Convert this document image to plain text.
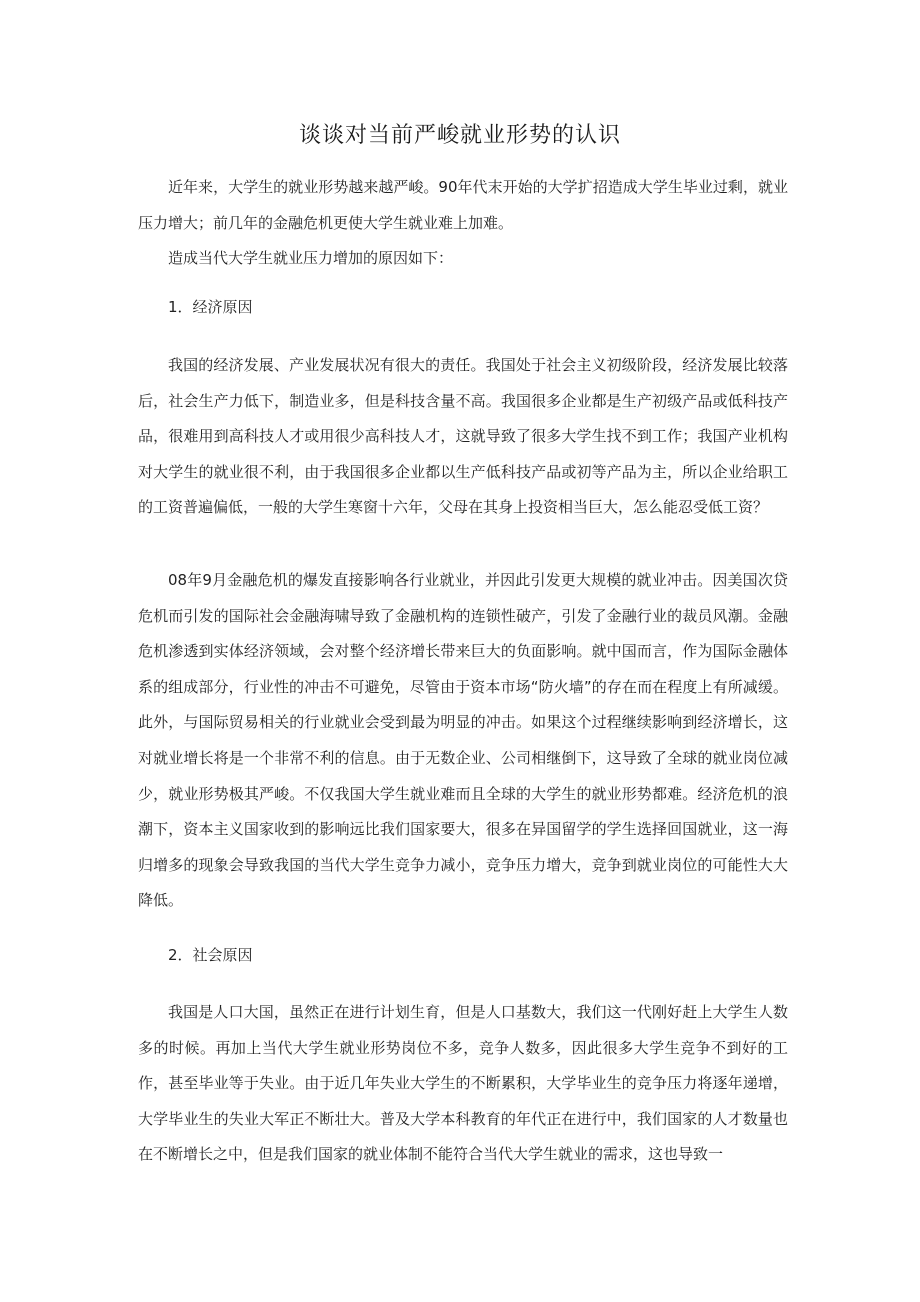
谈谈对当前严峻就业形势的认识

近年来，大学生的就业形势越来越严峻。90年代末开始的大学扩招造成大学生毕业过剩，就业压力增大；前几年的金融危机更使大学生就业难上加难。

造成当代大学生就业压力增加的原因如下：

1．经济原因

我国的经济发展、产业发展状况有很大的责任。我国处于社会主义初级阶段，经济发展比较落后，社会生产力低下，制造业多，但是科技含量不高。我国很多企业都是生产初级产品或低科技产品，很难用到高科技人才或用很少高科技人才，这就导致了很多大学生找不到工作；我国产业机构对大学生的就业很不利，由于我国很多企业都以生产低科技产品或初等产品为主，所以企业给职工的工资普遍偏低，一般的大学生寒窗十六年，父母在其身上投资相当巨大，怎么能忍受低工资？

08年9月金融危机的爆发直接影响各行业就业，并因此引发更大规模的就业冲击。因美国次贷危机而引发的国际社会金融海啸导致了金融机构的连锁性破产，引发了金融行业的裁员风潮。金融危机渗透到实体经济领域，会对整个经济增长带来巨大的负面影响。就中国而言，作为国际金融体系的组成部分，行业性的冲击不可避免，尽管由于资本市场“防火墙”的存在而在程度上有所减缓。此外，与国际贸易相关的行业就业会受到最为明显的冲击。如果这个过程继续影响到经济增长，这对就业增长将是一个非常不利的信息。由于无数企业、公司相继倒下，这导致了全球的就业岗位减少，就业形势极其严峻。不仅我国大学生就业难而且全球的大学生的就业形势都难。经济危机的浪潮下，资本主义国家收到的影响远比我们国家要大，很多在异国留学的学生选择回国就业，这一海归增多的现象会导致我国的当代大学生竞争力减小，竞争压力增大，竞争到就业岗位的可能性大大降低。

2．社会原因

我国是人口大国，虽然正在进行计划生育，但是人口基数大，我们这一代刚好赶上大学生人数多的时候。再加上当代大学生就业形势岗位不多，竞争人数多，因此很多大学生竞争不到好的工作，甚至毕业等于失业。由于近几年失业大学生的不断累积，大学毕业生的竞争压力将逐年递增，大学毕业生的失业大军正不断壮大。普及大学本科教育的年代正在进行中，我们国家的人才数量也在不断增长之中，但是我们国家的就业体制不能符合当代大学生就业的需求，这也导致一
